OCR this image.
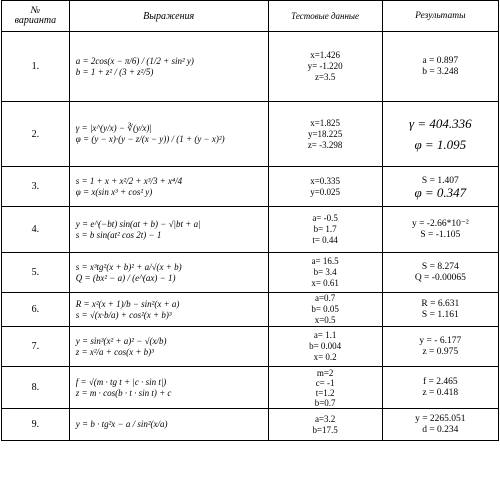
№
варианта	Выражения	Тестовые данные	Результаты
1.	a = 2cos(x − π/6) / (1/2 + sin² y)
b = 1 + z² / (3 + z²/5)	x=1.426
y= -1.220
z=3.5	a = 0.897
b = 3.248

2.	γ = |x^(y/x) − ∛(y/x)|
φ = (y − x)·(y − z/(x − y)) / (1 + (y − x)²)	x=1.825
y=18.225
z= -3.298	γ = 404.336
φ = 1.095

3.	s = 1 + x + x²/2 + x³/3 + x⁴/4
φ = x(sin x³ + cos² y)	x=0.335
y=0.025	S = 1.407
φ = 0.347

4.	y = e^(−bt) sin(at + b) − √|bt + a|
s = b sin(at² cos 2t) − 1	a= -0.5
b= 1.7
t= 0.44	y = -2.66*10⁻²
S = -1.105

5.	s = x³tg²(x + b)² + a/√(x + b)
Q = (bx² − a) / (e^(ax) − 1)	a= 16.5
b= 3.4
x= 0.61	S = 8.274
Q = -0.00065

6.	R = x²(x + 1)/b − sin²(x + a)
s = √(x·b/a) + cos²(x + b)³	a=0.7
b= 0.05
x=0.5	R = 6.631
S = 1.161

7.	y = sin³(x² + a)² − √(x/b)
z = x²/a + cos(x + b)³	a= 1.1
b= 0.004
x= 0.2	y = - 6.177
z = 0.975

8.	f = √(m · tg t + |c · sin t|)
z = m · cos(b · t · sin t) + c	m=2
c= -1
t=1.2
b=0.7	f = 2.465
z = 0.418

9.	y = b · tg²x − a / sin²(x/a)	a=3.2
b=17.5	y = 2265.051
d = 0.234
